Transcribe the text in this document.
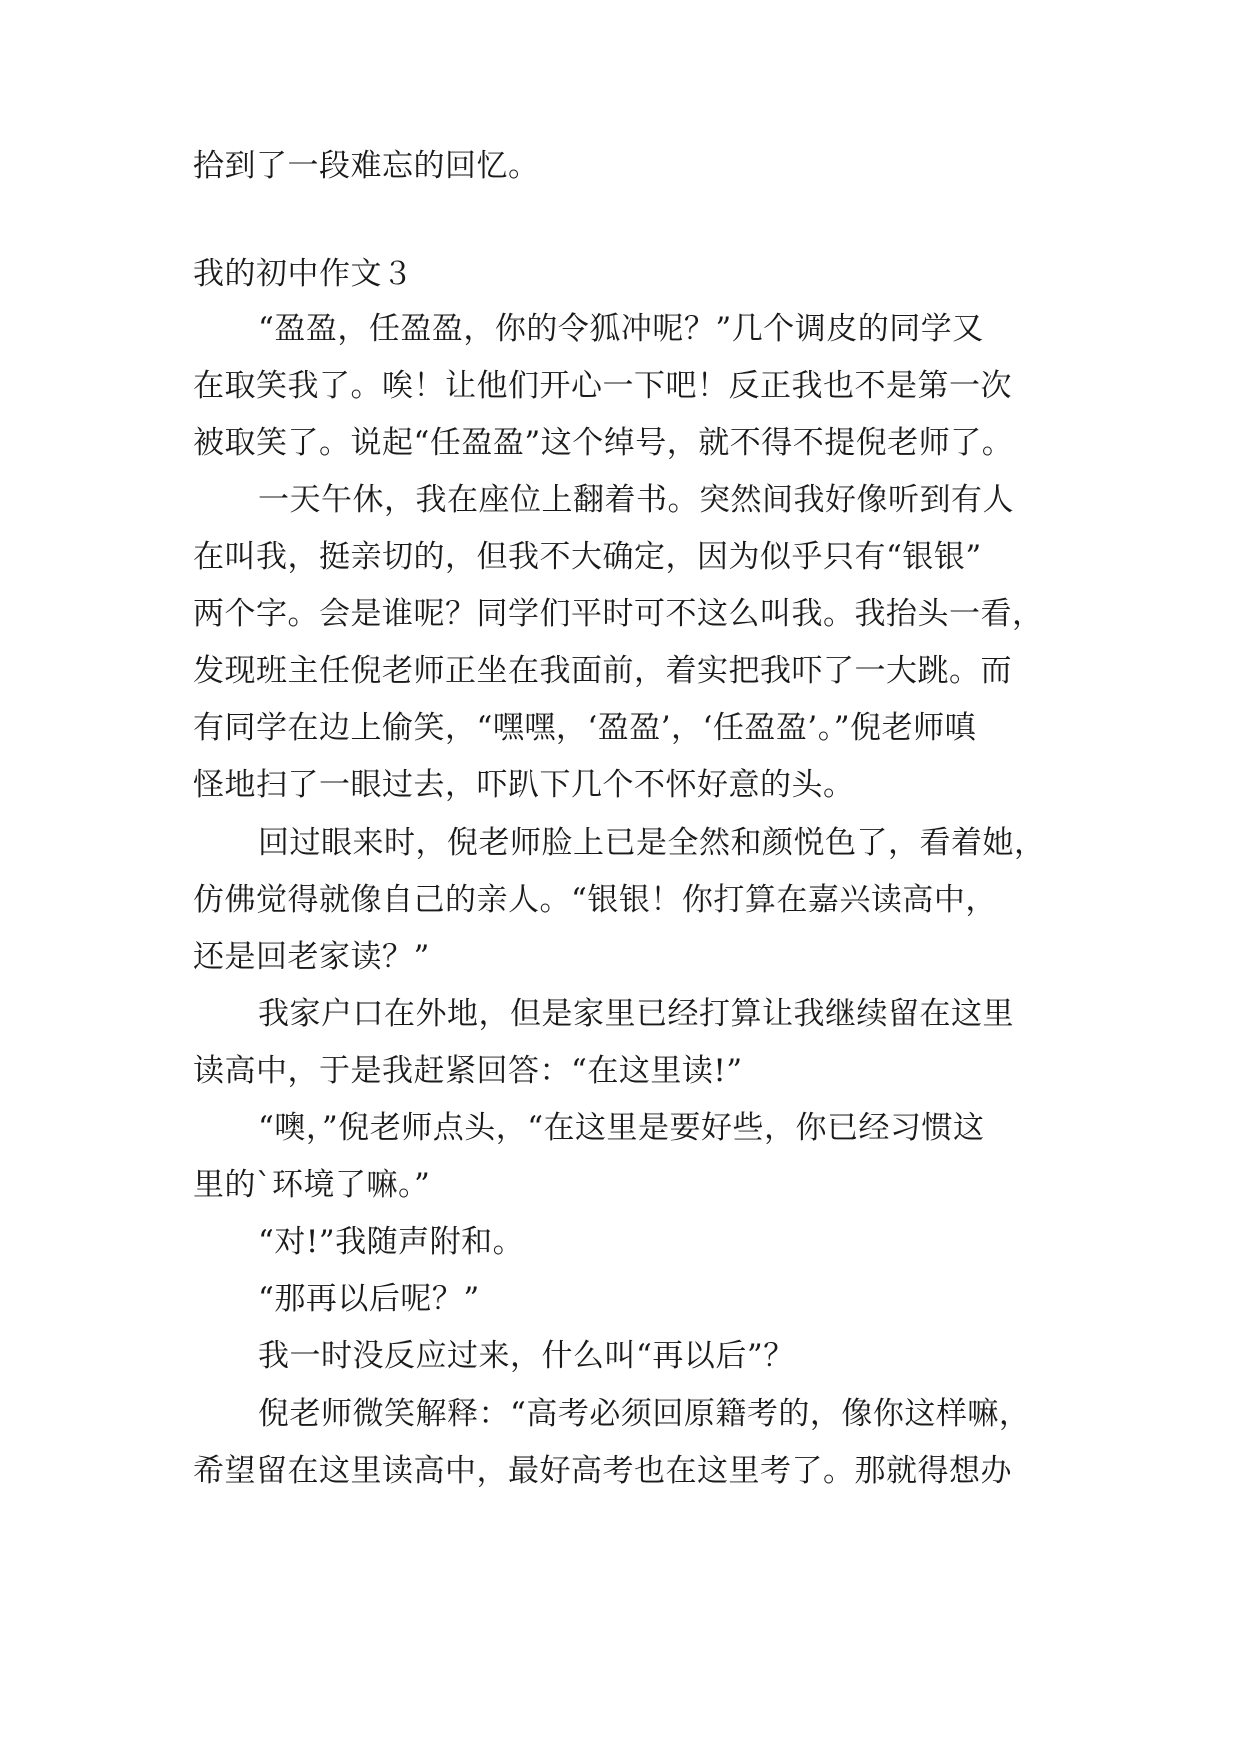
拾到了一段难忘的回忆。
我的初中作文３
“盈盈，任盈盈，你的令狐冲呢？”几个调皮的同学又
在取笑我了。唉！让他们开心一下吧！反正我也不是第一次
被取笑了。说起“任盈盈”这个绰号，就不得不提倪老师了。
一天午休，我在座位上翻着书。突然间我好像听到有人
在叫我，挺亲切的，但我不大确定，因为似乎只有“银银”
两个字。会是谁呢？同学们平时可不这么叫我。我抬头一看，
发现班主任倪老师正坐在我面前，着实把我吓了一大跳。而
有同学在边上偷笑，“嘿嘿，‘盈盈’，‘任盈盈’。”倪老师嗔
怪地扫了一眼过去，吓趴下几个不怀好意的头。
回过眼来时，倪老师脸上已是全然和颜悦色了，看着她，
仿佛觉得就像自己的亲人。“银银！你打算在嘉兴读高中，
还是回老家读？”
我家户口在外地，但是家里已经打算让我继续留在这里
读高中，于是我赶紧回答：“在这里读!”
“噢，”倪老师点头，“在这里是要好些，你已经习惯这
里的`环境了嘛。”
“对!”我随声附和。
“那再以后呢？”
我一时没反应过来，什么叫“再以后”？
倪老师微笑解释：“高考必须回原籍考的，像你这样嘛，
希望留在这里读高中，最好高考也在这里考了。那就得想办
